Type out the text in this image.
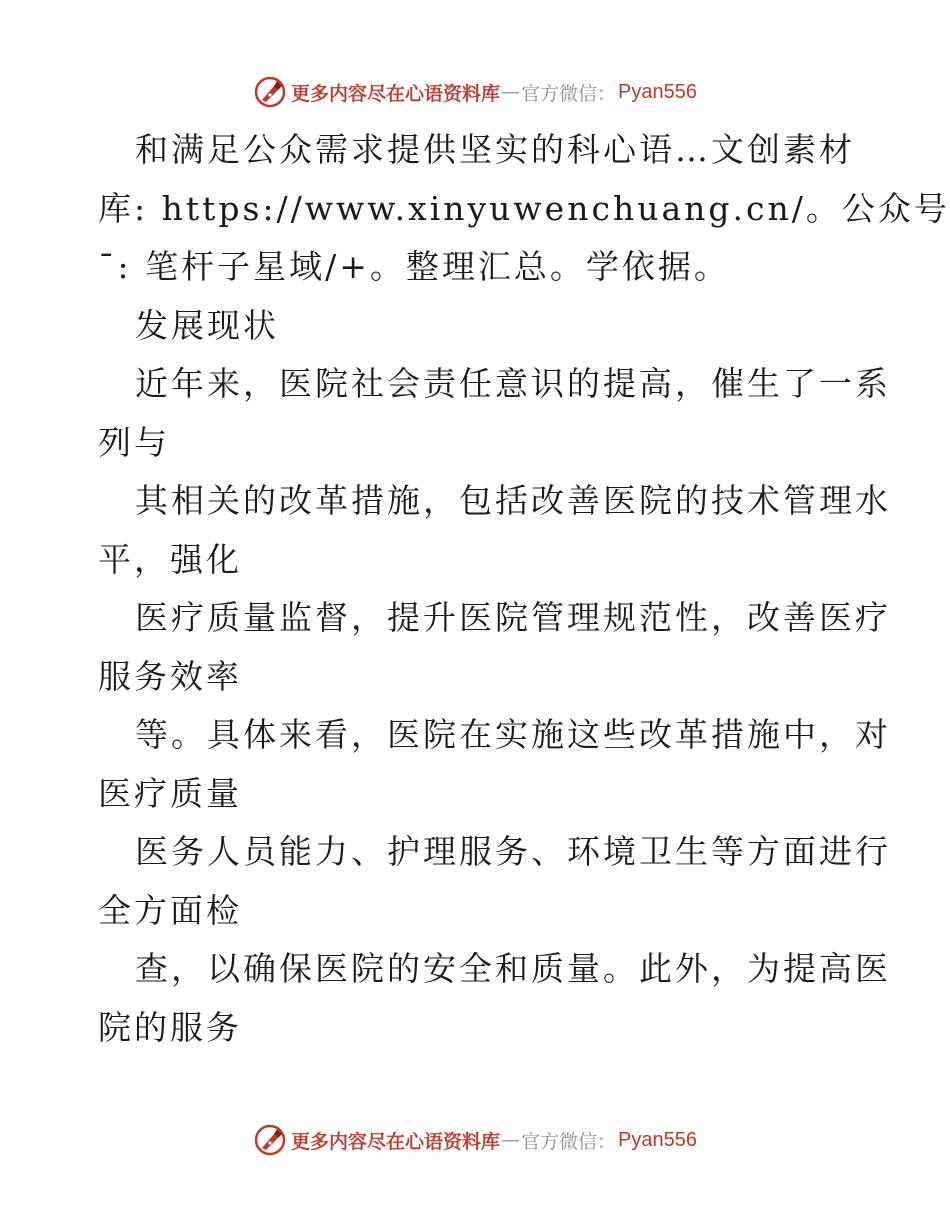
更多内容尽在心语资料库 — 官方微信： Pyan556
和满足公众需求提供坚实的科心语…文创素材
库: https://www.xinyuwenchuang.cn/。公众号
ˉ: 笔杆子星域/+。整理汇总。学依据。
发展现状
近年来，医院社会责任意识的提高，催生了一系
列与
其相关的改革措施，包括改善医院的技术管理水
平，强化
医疗质量监督，提升医院管理规范性，改善医疗
服务效率
等。具体来看，医院在实施这些改革措施中，对
医疗质量
医务人员能力、护理服务、环境卫生等方面进行
全方面检
查，以确保医院的安全和质量。此外，为提高医
院的服务
更多内容尽在心语资料库 — 官方微信： Pyan556
